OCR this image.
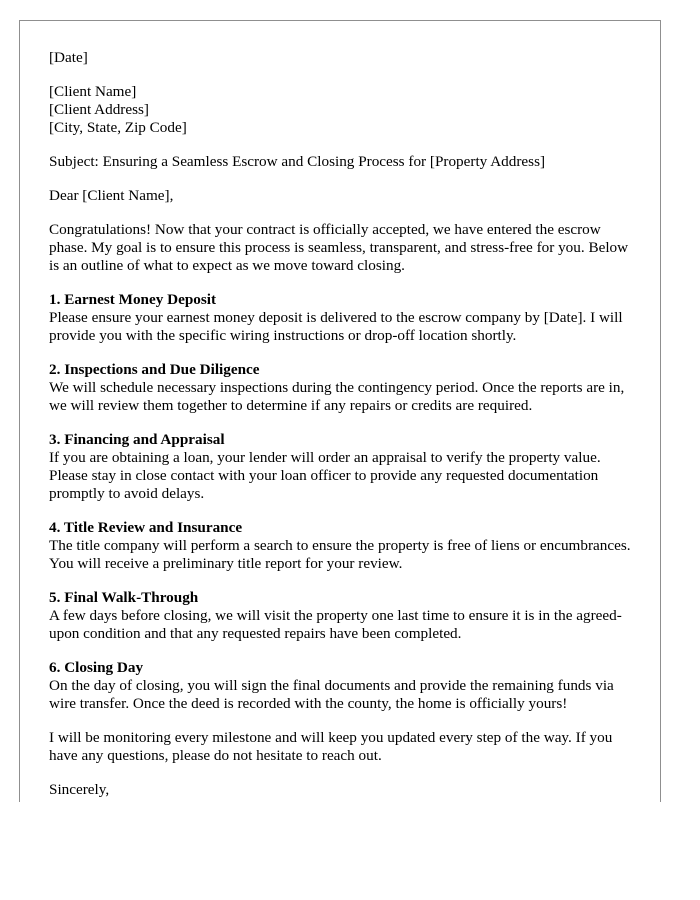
[Date]

[Client Name]
[Client Address]
[City, State, Zip Code]

Subject: Ensuring a Seamless Escrow and Closing Process for [Property Address]

Dear [Client Name],

Congratulations! Now that your contract is officially accepted, we have entered the escrow phase. My goal is to ensure this process is seamless, transparent, and stress-free for you. Below is an outline of what to expect as we move toward closing.

1. Earnest Money Deposit
Please ensure your earnest money deposit is delivered to the escrow company by [Date]. I will provide you with the specific wiring instructions or drop-off location shortly.
2. Inspections and Due Diligence
We will schedule necessary inspections during the contingency period. Once the reports are in, we will review them together to determine if any repairs or credits are required.
3. Financing and Appraisal
If you are obtaining a loan, your lender will order an appraisal to verify the property value. Please stay in close contact with your loan officer to provide any requested documentation promptly to avoid delays.
4. Title Review and Insurance
The title company will perform a search to ensure the property is free of liens or encumbrances. You will receive a preliminary title report for your review.
5. Final Walk-Through
A few days before closing, we will visit the property one last time to ensure it is in the agreed-upon condition and that any requested repairs have been completed.
6. Closing Day
On the day of closing, you will sign the final documents and provide the remaining funds via wire transfer. Once the deed is recorded with the county, the home is officially yours!

I will be monitoring every milestone and will keep you updated every step of the way. If you have any questions, please do not hesitate to reach out.

Sincerely,
